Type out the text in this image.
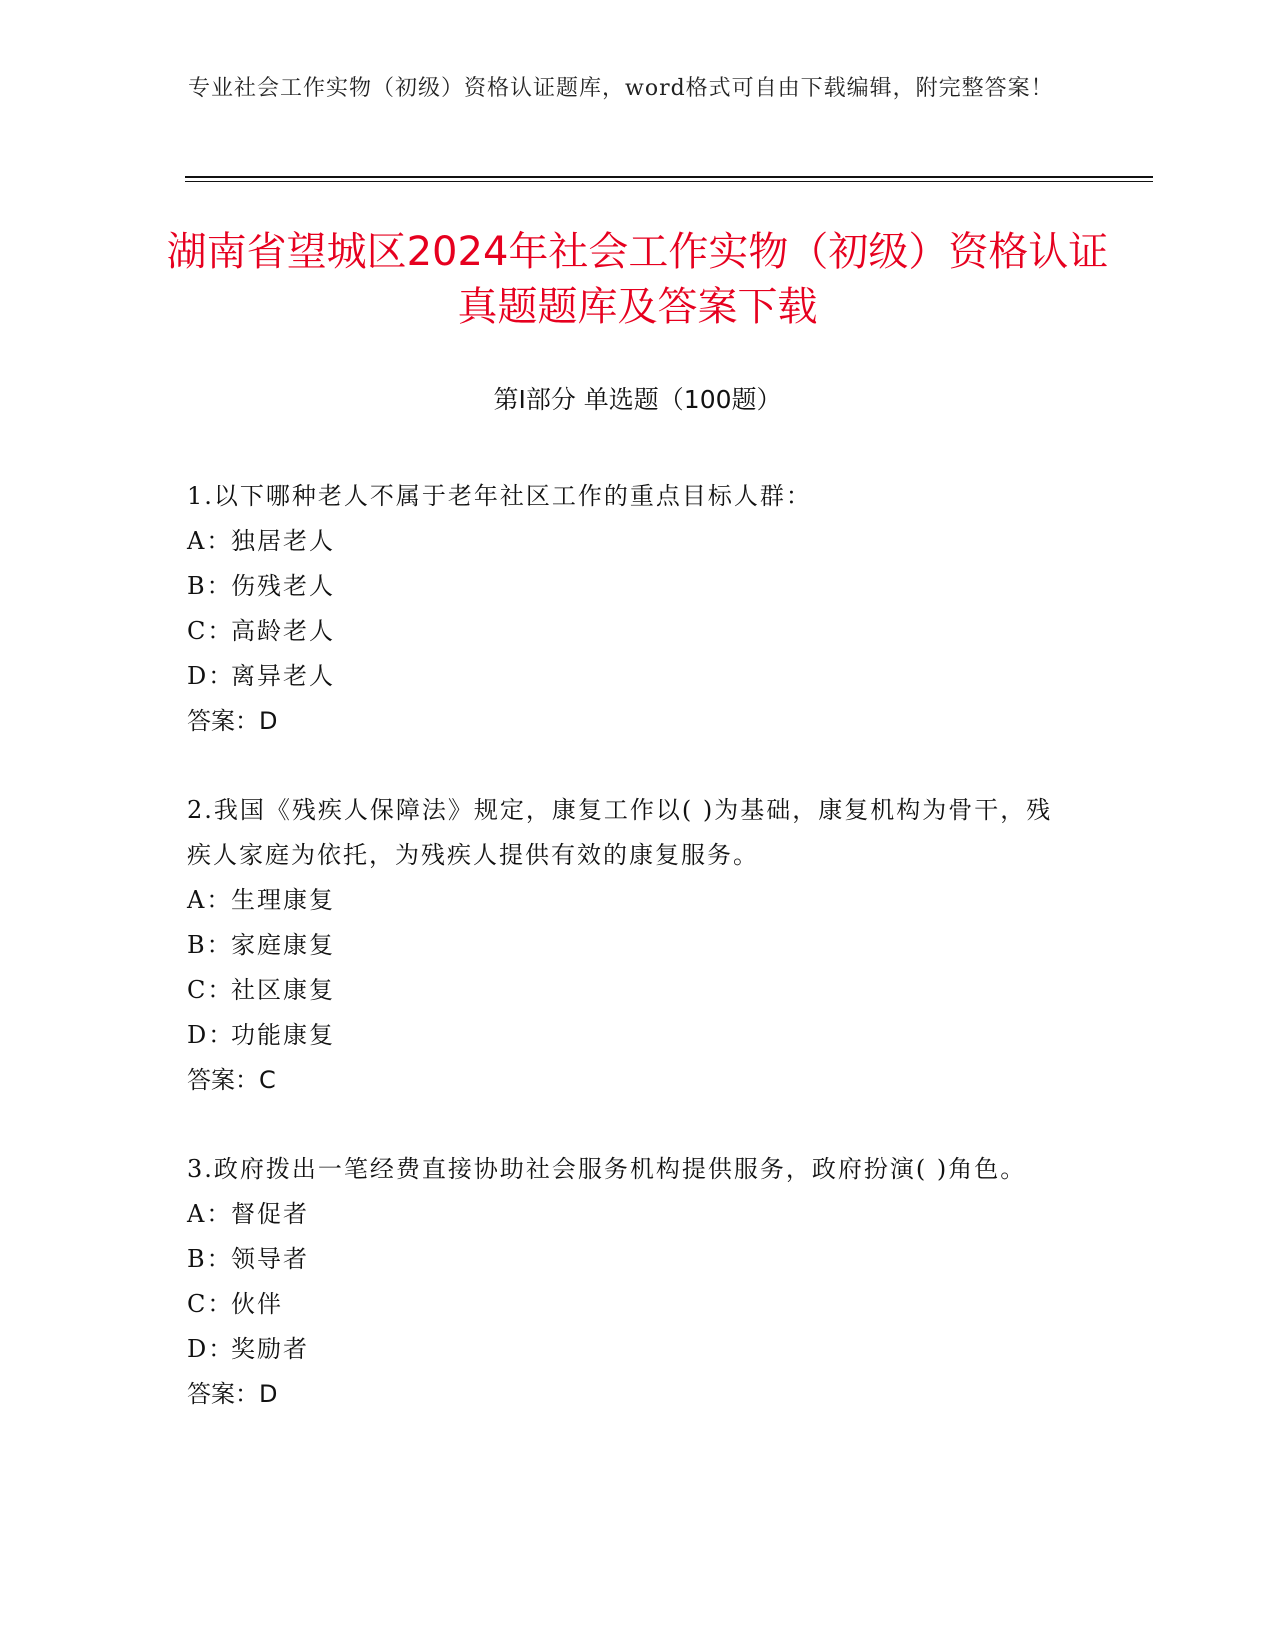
专业社会工作实物（初级）资格认证题库，word格式可自由下载编辑，附完整答案！
湖南省望城区2024年社会工作实物（初级）资格认证真题题库及答案下载
第Ⅰ部分 单选题（100题）
1.以下哪种老人不属于老年社区工作的重点目标人群：
A：独居老人
B：伤残老人
C：高龄老人
D：离异老人
答案：D
2.我国《残疾人保障法》规定，康复工作以( )为基础，康复机构为骨干，残疾人家庭为依托，为残疾人提供有效的康复服务。
A：生理康复
B：家庭康复
C：社区康复
D：功能康复
答案：C
3.政府拨出一笔经费直接协助社会服务机构提供服务，政府扮演( )角色。
A：督促者
B：领导者
C：伙伴
D：奖励者
答案：D
